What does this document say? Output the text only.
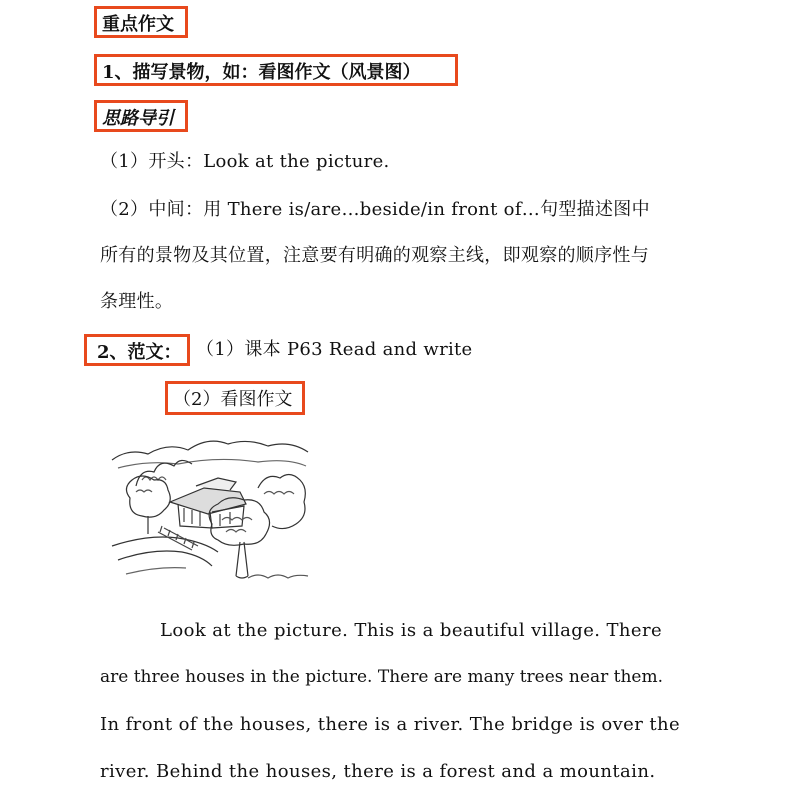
重点作文
1、描写景物，如：看图作文（风景图）
思路导引
（1）开头：Look at the picture.
（2）中间：用 There is/are…beside/in front of…句型描述图中
所有的景物及其位置，注意要有明确的观察主线，即观察的顺序性与
条理性。
2、范文： （1）课本 P63 Read and write
（2）看图作文
Look at the picture. This is a beautiful village. There
are three houses in the picture. There are many trees near them.
In front of the houses, there is a river. The bridge is over the
river. Behind the houses, there is a forest and a mountain.
